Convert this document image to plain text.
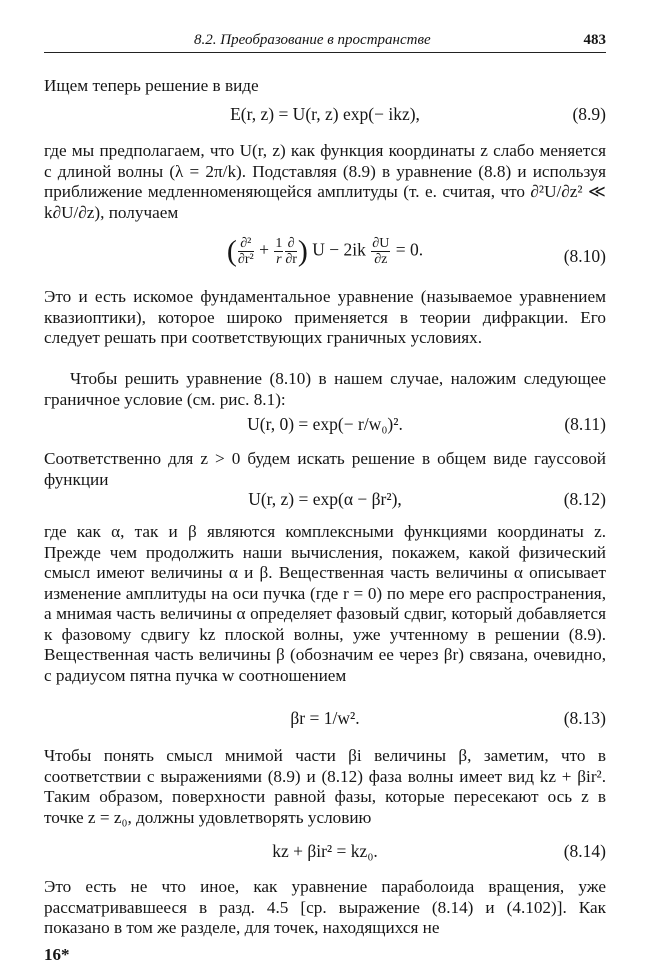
8.2. Преобразование в пространстве	483

Ищем теперь решение в виде

E(r, z) = U(r, z) exp(− ikz),	(8.9)

где мы предполагаем, что U(r, z) как функция координаты z слабо меняется с длиной волны (λ = 2π/k). Подставляя (8.9) в уравнение (8.8) и используя приближение медленноменяющейся амплитуды (т. е. считая, что ∂²U/∂z² ≪ k∂U/∂z), получаем

( $\frac{\text{∂²}}{\text{∂r²}} + \frac{1}{r} \frac{\partial}{\partial r}$ ) $U - 2ik \frac{\partial U}{\partial z} = 0$.	(8.10)

Это и есть искомое фундаментальное уравнение (называемое уравнением квазиоптики), которое широко применяется в теории дифракции. Его следует решать при соответствующих граничных условиях.

Чтобы решить уравнение (8.10) в нашем случае, наложим следующее граничное условие (см. рис. 8.1):

U(r, 0) = exp(− r/w₀)².	(8.11)

Соответственно для z > 0 будем искать решение в общем виде гауссовой функции

U(r, z) = exp(α − βr²),	(8.12)

где как α, так и β являются комплексными функциями координаты z. Прежде чем продолжить наши вычисления, покажем, какой физический смысл имеют величины α и β. Вещественная часть величины α описывает изменение амплитуды на оси пучка (где r = 0) по мере его распространения, а мнимая часть величины α определяет фазовый сдвиг, который добавляется к фазовому сдвигу kz плоской волны, уже учтенному в решении (8.9). Вещественная часть величины β (обозначим ее через βr) связана, очевидно, с радиусом пятна пучка w соотношением

βr = 1/w².	(8.13)

Чтобы понять смысл мнимой части βi величины β, заметим, что в соответствии с выражениями (8.9) и (8.12) фаза волны имеет вид kz + βir². Таким образом, поверхности равной фазы, которые пересекают ось z в точке z = z₀, должны удовлетворять условию

kz + βir² = kz₀.	(8.14)

Это есть не что иное, как уравнение параболоида вращения, уже рассматривавшееся в разд. 4.5 [ср. выражение (8.14) и (4.102)]. Как показано в том же разделе, для точек, находящихся не

16*
